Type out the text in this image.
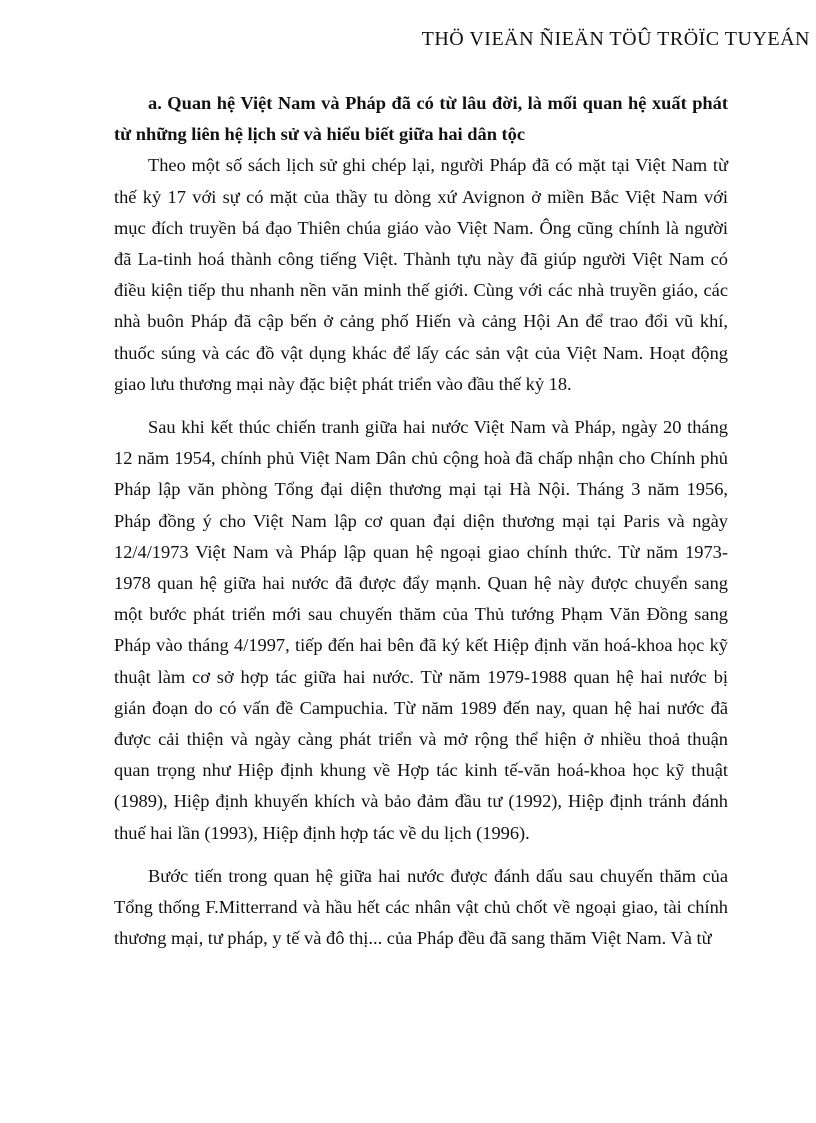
THÖ VIEÄN ÑIEÄN TÖÛ TRÖÏC TUYEÁN

a. Quan hệ Việt Nam và Pháp đã có từ lâu đời, là mối quan hệ xuất phát từ những liên hệ lịch sử và hiểu biết giữa hai dân tộc

Theo một số sách lịch sử ghi chép lại, người Pháp đã có mặt tại Việt Nam từ thế kỷ 17 với sự có mặt của thầy tu dòng xứ Avignon ở miền Bắc Việt Nam với mục đích truyền bá đạo Thiên chúa giáo vào Việt Nam. Ông cũng chính là người đã La-tinh hoá thành công tiếng Việt. Thành tựu này đã giúp người Việt Nam có điều kiện tiếp thu nhanh nền văn minh thế giới. Cùng với các nhà truyền giáo, các nhà buôn Pháp đã cập bến ở cảng phố Hiến và cảng Hội An để trao đổi vũ khí, thuốc súng và các đồ vật dụng khác để lấy các sản vật của Việt Nam. Hoạt động giao lưu thương mại này đặc biệt phát triển vào đầu thế kỷ 18.

Sau khi kết thúc chiến tranh giữa hai nước Việt Nam và Pháp, ngày 20 tháng 12 năm 1954, chính phủ Việt Nam Dân chủ cộng hoà đã chấp nhận cho Chính phủ Pháp lập văn phòng Tổng đại diện thương mại tại Hà Nội. Tháng 3 năm 1956, Pháp đồng ý cho Việt Nam lập cơ quan đại diện thương mại tại Paris và ngày 12/4/1973 Việt Nam và Pháp lập quan hệ ngoại giao chính thức. Từ năm 1973-1978 quan hệ giữa hai nước đã được đẩy mạnh. Quan hệ này được chuyển sang một bước phát triển mới sau chuyến thăm của Thủ tướng Phạm Văn Đồng sang Pháp vào tháng 4/1997, tiếp đến hai bên đã ký kết Hiệp định văn hoá-khoa học kỹ thuật làm cơ sở hợp tác giữa hai nước. Từ năm 1979-1988 quan hệ hai nước bị gián đoạn do có vấn đề Campuchia. Từ năm 1989 đến nay, quan hệ hai nước đã được cải thiện và ngày càng phát triển và mở rộng thể hiện ở nhiều thoả thuận quan trọng như Hiệp định khung về Hợp tác kinh tế-văn hoá-khoa học kỹ thuật (1989), Hiệp định khuyến khích và bảo đảm đầu tư (1992), Hiệp định tránh đánh thuế hai lần (1993), Hiệp định hợp tác về du lịch (1996).

Bước tiến trong quan hệ giữa hai nước được đánh dấu sau chuyến thăm của Tổng thống F.Mitterrand và hầu hết các nhân vật chủ chốt về ngoại giao, tài chính thương mại, tư pháp, y tế và đô thị... của Pháp đều đã sang thăm Việt Nam. Và từ
